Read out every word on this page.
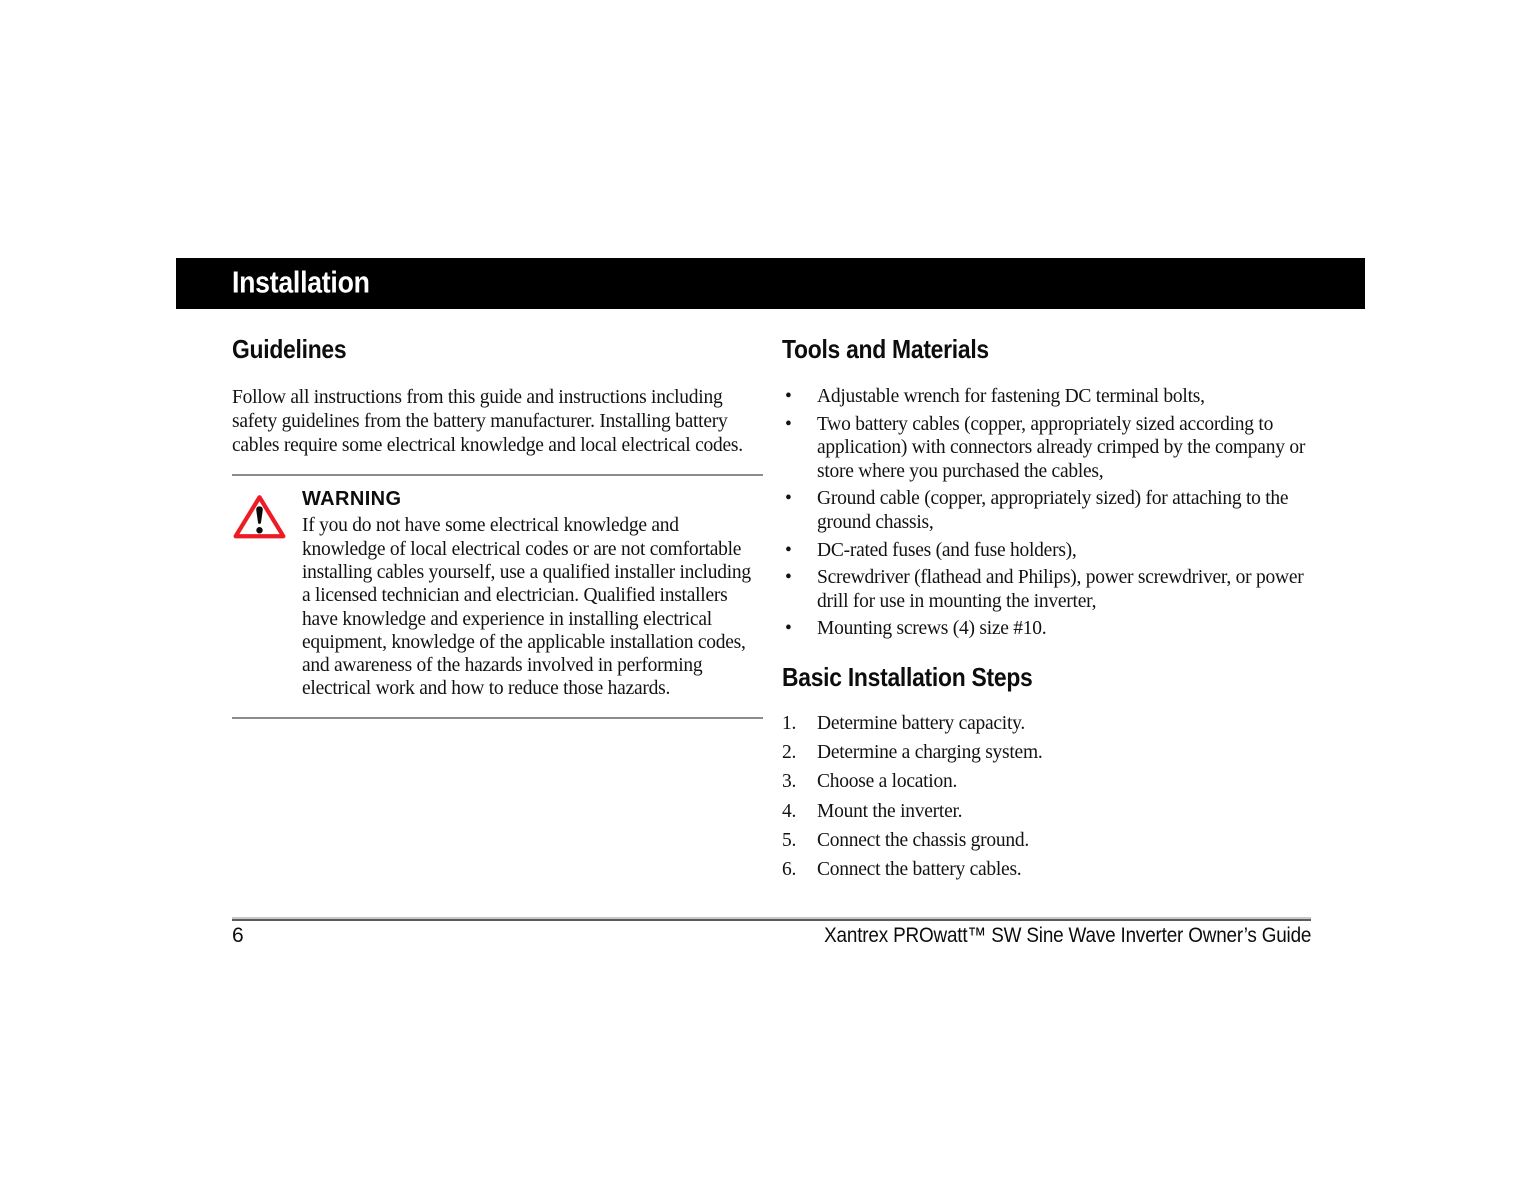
Installation
Guidelines

Follow all instructions from this guide and instructions including safety guidelines from the battery manufacturer. Installing battery cables require some electrical knowledge and local electrical codes.

WARNING
If you do not have some electrical knowledge and knowledge of local electrical codes or are not comfortable installing cables yourself, use a qualified installer including a licensed technician and electrician. Qualified installers have knowledge and experience in installing electrical equipment, knowledge of the applicable installation codes, and awareness of the hazards involved in performing electrical work and how to reduce those hazards.
Tools and Materials
• Adjustable wrench for fastening DC terminal bolts,
• Two battery cables (copper, appropriately sized according to application) with connectors already crimped by the company or store where you purchased the cables,
• Ground cable (copper, appropriately sized) for attaching to the ground chassis,
• DC-rated fuses (and fuse holders),
• Screwdriver (flathead and Philips), power screwdriver, or power drill for use in mounting the inverter,
• Mounting screws (4) size #10.
Basic Installation Steps
Determine battery capacity.
Determine a charging system.
Choose a location.
Mount the inverter.
Connect the chassis ground.
Connect the battery cables.
6	Xantrex PROwatt™ SW Sine Wave Inverter Owner’s Guide
